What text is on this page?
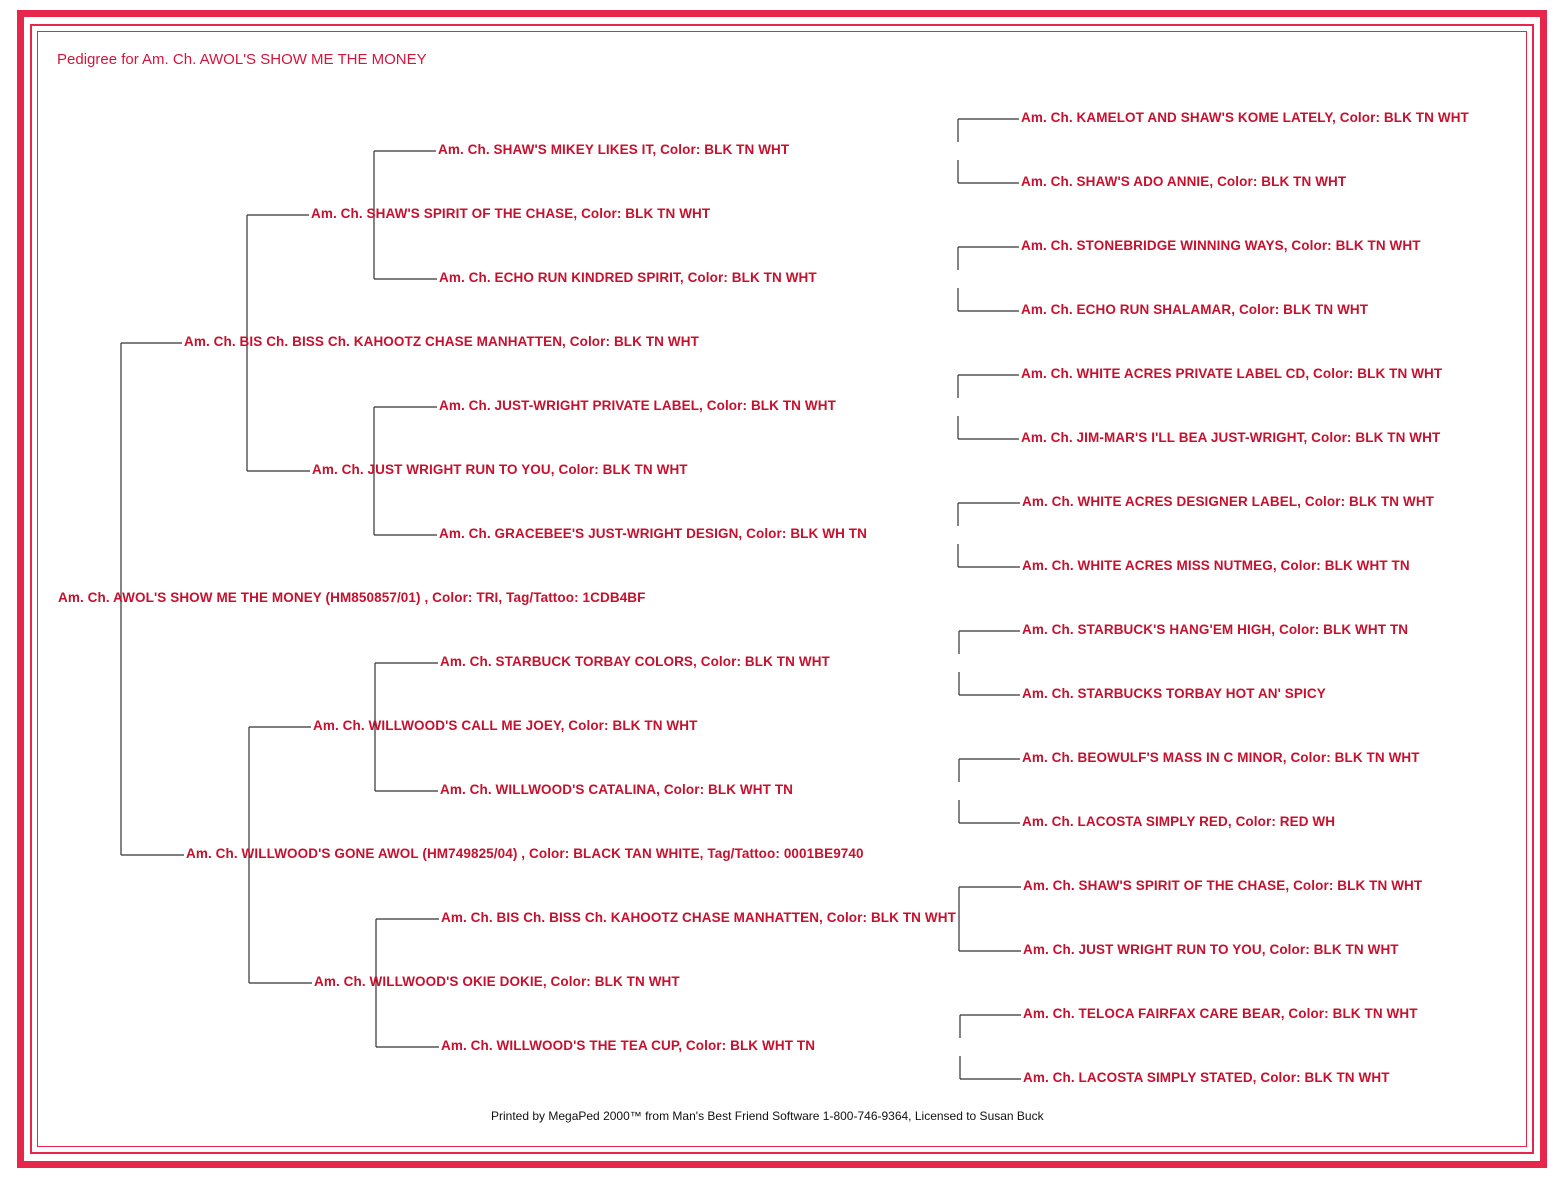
Pedigree for Am. Ch. AWOL'S SHOW ME THE MONEY
Am. Ch. AWOL'S SHOW ME THE MONEY (HM850857/01) , Color: TRI, Tag/Tattoo: 1CDB4BF
Am. Ch. BIS Ch. BISS Ch. KAHOOTZ CHASE MANHATTEN, Color: BLK TN WHT
Am. Ch. WILLWOOD'S GONE AWOL (HM749825/04) , Color: BLACK TAN WHITE, Tag/Tattoo: 0001BE9740
Am. Ch. SHAW'S SPIRIT OF THE CHASE, Color: BLK TN WHT
Am. Ch. JUST WRIGHT RUN TO YOU, Color: BLK TN WHT
Am. Ch. WILLWOOD'S CALL ME JOEY, Color: BLK TN WHT
Am. Ch. WILLWOOD'S OKIE DOKIE, Color: BLK TN WHT
Am. Ch. SHAW'S MIKEY LIKES IT, Color: BLK TN WHT
Am. Ch. ECHO RUN KINDRED SPIRIT, Color: BLK TN WHT
Am. Ch. JUST-WRIGHT PRIVATE LABEL, Color: BLK TN WHT
Am. Ch. GRACEBEE'S JUST-WRIGHT DESIGN, Color: BLK WH TN
Am. Ch. STARBUCK TORBAY COLORS, Color: BLK TN WHT
Am. Ch. WILLWOOD'S CATALINA, Color: BLK WHT TN
Am. Ch. BIS Ch. BISS Ch. KAHOOTZ CHASE MANHATTEN, Color: BLK TN WHT
Am. Ch. WILLWOOD'S THE TEA CUP, Color: BLK WHT TN
Am. Ch. KAMELOT AND SHAW'S KOME LATELY, Color: BLK TN WHT
Am. Ch. SHAW'S ADO ANNIE, Color: BLK TN WHT
Am. Ch. STONEBRIDGE WINNING WAYS, Color: BLK TN WHT
Am. Ch. ECHO RUN SHALAMAR, Color: BLK TN WHT
Am. Ch. WHITE ACRES PRIVATE LABEL CD, Color: BLK TN WHT
Am. Ch. JIM-MAR'S I'LL BEA JUST-WRIGHT, Color: BLK TN WHT
Am. Ch. WHITE ACRES DESIGNER LABEL, Color: BLK TN WHT
Am. Ch. WHITE ACRES MISS NUTMEG, Color: BLK WHT TN
Am. Ch. STARBUCK'S HANG'EM HIGH, Color: BLK WHT TN
Am. Ch. STARBUCKS TORBAY HOT AN' SPICY
Am. Ch. BEOWULF'S MASS IN C MINOR, Color: BLK TN WHT
Am. Ch. LACOSTA SIMPLY RED, Color: RED WH
Am. Ch. SHAW'S SPIRIT OF THE CHASE, Color: BLK TN WHT
Am. Ch. JUST WRIGHT RUN TO YOU, Color: BLK TN WHT
Am. Ch. TELOCA FAIRFAX CARE BEAR, Color: BLK TN WHT
Am. Ch. LACOSTA SIMPLY STATED, Color: BLK TN WHT
Printed by MegaPed 2000™ from Man's Best Friend Software 1-800-746-9364, Licensed to Susan Buck
